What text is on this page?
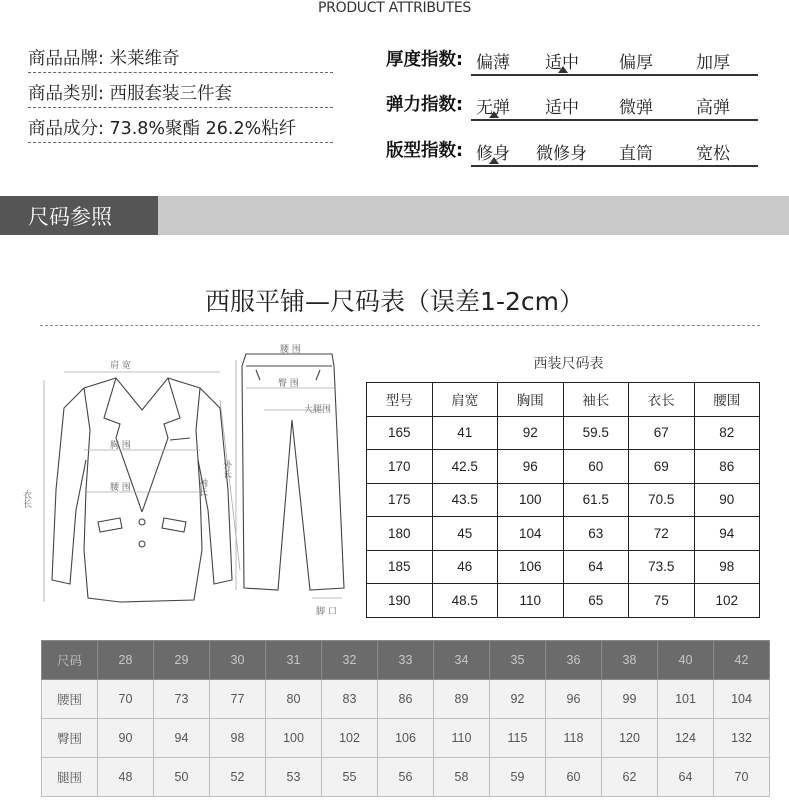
PRODUCT ATTRIBUTES
商品品牌: 米莱维奇
商品类别: 西服套装三件套
商品成分: 73.8%聚酯 26.2%粘纤
厚度指数: 偏薄 适中 偏厚	加厚
弹力指数: 无弹 适中 微弹	高弹
版型指数: 修身 微修身 直筒	宽松
尺码参照
西服平铺—尺码表（误差1-2cm）
肩 宽
胸 围
腰 围
衣长
袖长
腰 围
臀 围
大腿围
外长
脚 口
西装尺码表
型号	肩宽	胸围	袖长	衣长	腰围
165	41	92	59.5	67	82
170	42.5	96	60	69	86
175	43.5	100	61.5	70.5	90
180	45	104	63	72	94
185	46	106	64	73.5	98
190	48.5	110	65	75	102
尺码	28	29	30	31	32	33	34	35	36	38	40	42
腰围	70	73	77	80	83	86	89	92	96	99	101	104
臀围	90	94	98	100	102	106	110	115	118	120	124	132
腿围	48	50	52	53	55	56	58	59	60	62	64	70
